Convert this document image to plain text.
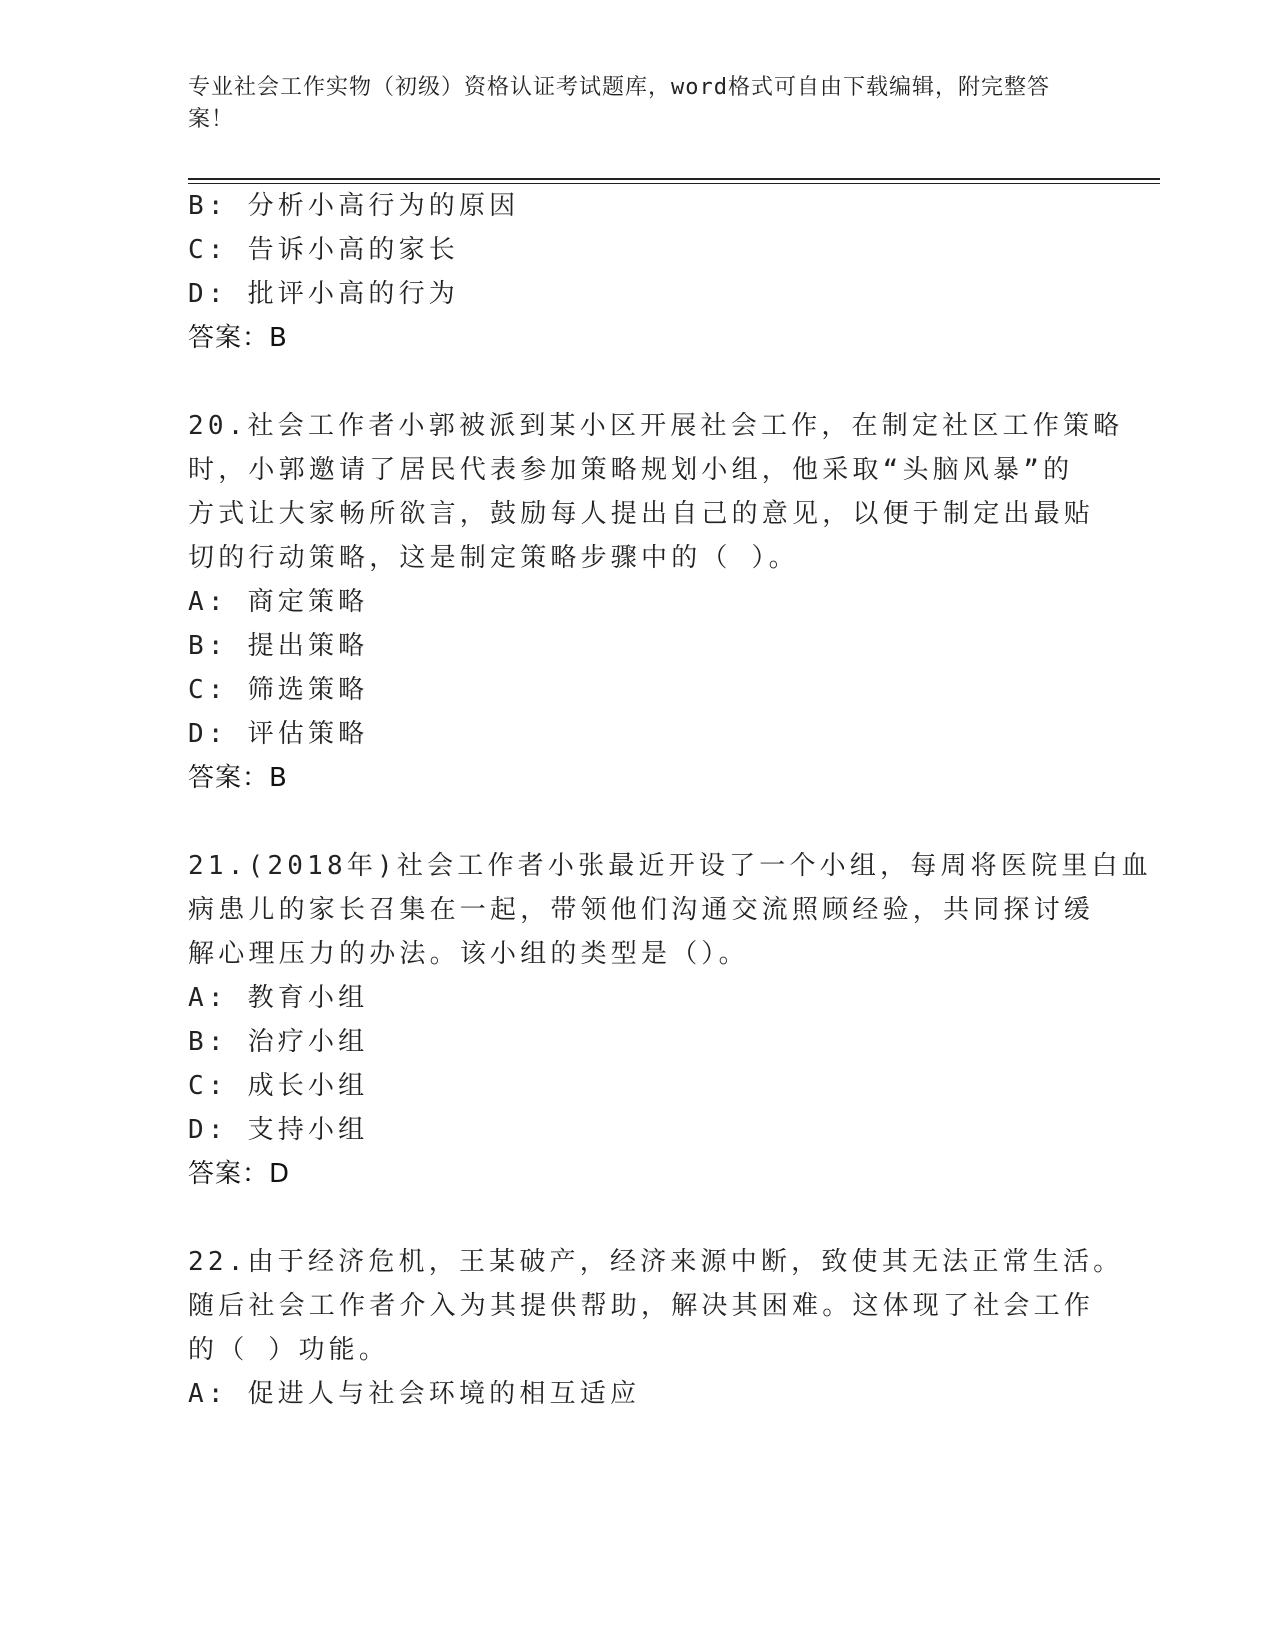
专业社会工作实物（初级）资格认证考试题库，word格式可自由下载编辑，附完整答案！
B: 分析小高行为的原因
C: 告诉小高的家长
D: 批评小高的行为
答案：B
20.社会工作者小郭被派到某小区开展社会工作，在制定社区工作策略
时，小郭邀请了居民代表参加策略规划小组，他采取“头脑风暴”的
方式让大家畅所欲言，鼓励每人提出自己的意见，以便于制定出最贴
切的行动策略，这是制定策略步骤中的（ ）。
A: 商定策略
B: 提出策略
C: 筛选策略
D: 评估策略
答案：B
21.(2018年)社会工作者小张最近开设了一个小组，每周将医院里白血
病患儿的家长召集在一起，带领他们沟通交流照顾经验，共同探讨缓
解心理压力的办法。该小组的类型是（）。
A: 教育小组
B: 治疗小组
C: 成长小组
D: 支持小组
答案：D
22.由于经济危机，王某破产，经济来源中断，致使其无法正常生活。
随后社会工作者介入为其提供帮助，解决其困难。这体现了社会工作
的（ ）功能。
A: 促进人与社会环境的相互适应
